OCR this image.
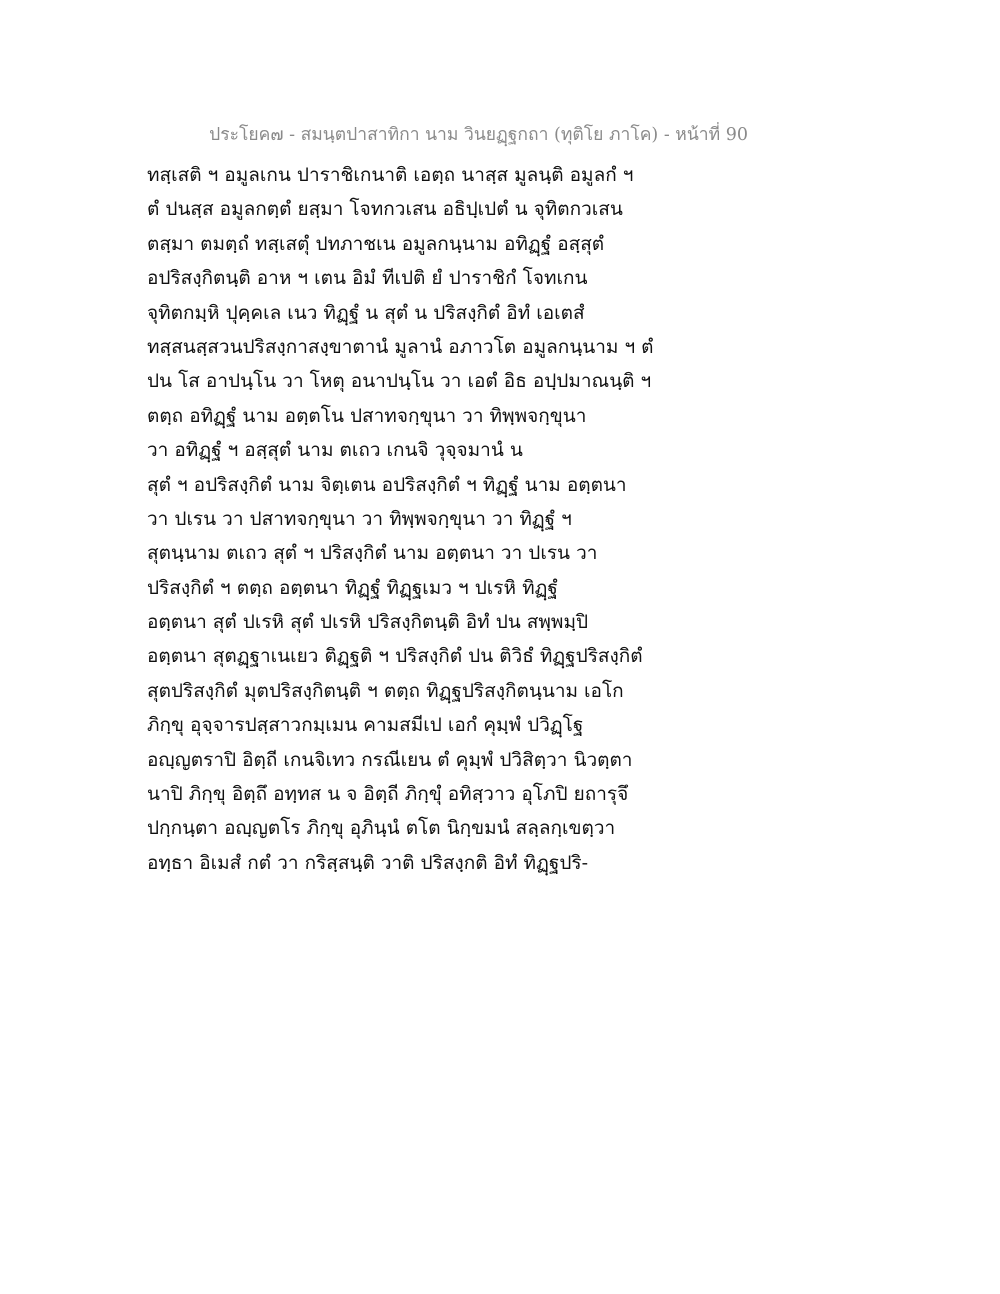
ประโยค๗ - สมนฺตปาสาทิกา นาม วินยฏฺฐกถา (ทุติโย ภาโค) - หน้าที่ 90
ทสฺเสติ ฯ อมูลเกน ปาราชิเกนาติ เอตฺถ นาสฺส มูลนฺติ อมูลกํ ฯ
ตํ ปนสฺส อมูลกตฺตํ ยสฺมา โจทกวเสน อธิปฺเปตํ น จุทิตกวเสน
ตสฺมา ตมตฺถํ ทสฺเสตุํ ปทภาชเน อมูลกนฺนาม อทิฏฺฐํ อสฺสุตํ
อปริสงฺกิตนฺติ อาห ฯ เตน อิมํ ทีเปติ ยํ ปาราชิกํ โจทเกน
จุทิตกมฺหิ ปุคฺคเล เนว ทิฏฺฐํ น สุตํ น ปริสงฺกิตํ อิทํ เอเตสํ
ทสฺสนสฺสวนปริสงฺกาสงฺขาตานํ มูลานํ อภาวโต อมูลกนฺนาม ฯ ตํ
ปน โส อาปนฺโน วา โหตุ อนาปนฺโน วา เอตํ อิธ อปฺปมาณนฺติ ฯ
ตตฺถ อทิฏฺฐํ นาม อตฺตโน ปสาทจกฺขุนา วา ทิพฺพจกฺขุนา
วา อทิฏฺฐํ ฯ อสฺสุตํ นาม ตเถว เกนจิ วุจฺจมานํ น
สุตํ ฯ อปริสงฺกิตํ นาม จิตฺเตน อปริสงฺกิตํ ฯ ทิฏฺฐํ นาม อตฺตนา
วา ปเรน วา ปสาทจกฺขุนา วา ทิพฺพจกฺขุนา วา ทิฏฺฐํ ฯ
สุตนฺนาม ตเถว สุตํ ฯ ปริสงฺกิตํ นาม อตฺตนา วา ปเรน วา
ปริสงฺกิตํ ฯ ตตฺถ อตฺตนา ทิฏฺฐํ ทิฏฺฐเมว ฯ ปเรหิ ทิฏฺฐํ
อตฺตนา สุตํ ปเรหิ สุตํ ปเรหิ ปริสงฺกิตนฺติ อิทํ ปน สพฺพมฺปิ
อตฺตนา สุตฏฺฐาเนเยว ติฏฺฐติ ฯ ปริสงฺกิตํ ปน ติวิธํ ทิฏฺฐปริสงฺกิตํ
สุตปริสงฺกิตํ มุตปริสงฺกิตนฺติ ฯ ตตฺถ ทิฏฺฐปริสงฺกิตนฺนาม เอโก
ภิกฺขุ อุจฺจารปสฺสาวกมฺเมน คามสมีเป เอกํ คุมฺพํ ปวิฏฺโฐ
อญฺญตราปิ อิตฺถี เกนจิเทว กรณีเยน ตํ คุมฺพํ ปวิสิตฺวา นิวตฺตา
นาปิ ภิกฺขุ อิตฺถึ อทฺทส น จ อิตฺถี ภิกฺขุํ อทิสฺวาว อุโภปิ ยถารุจึ
ปกฺกนฺตา อญฺญตโร ภิกฺขุ อุภินฺนํ ตโต นิกฺขมนํ สลฺลกฺเขตฺวา
อทฺธา อิเมสํ กตํ วา กริสฺสนฺติ วาติ ปริสงฺกติ อิทํ ทิฏฺฐปริ-
